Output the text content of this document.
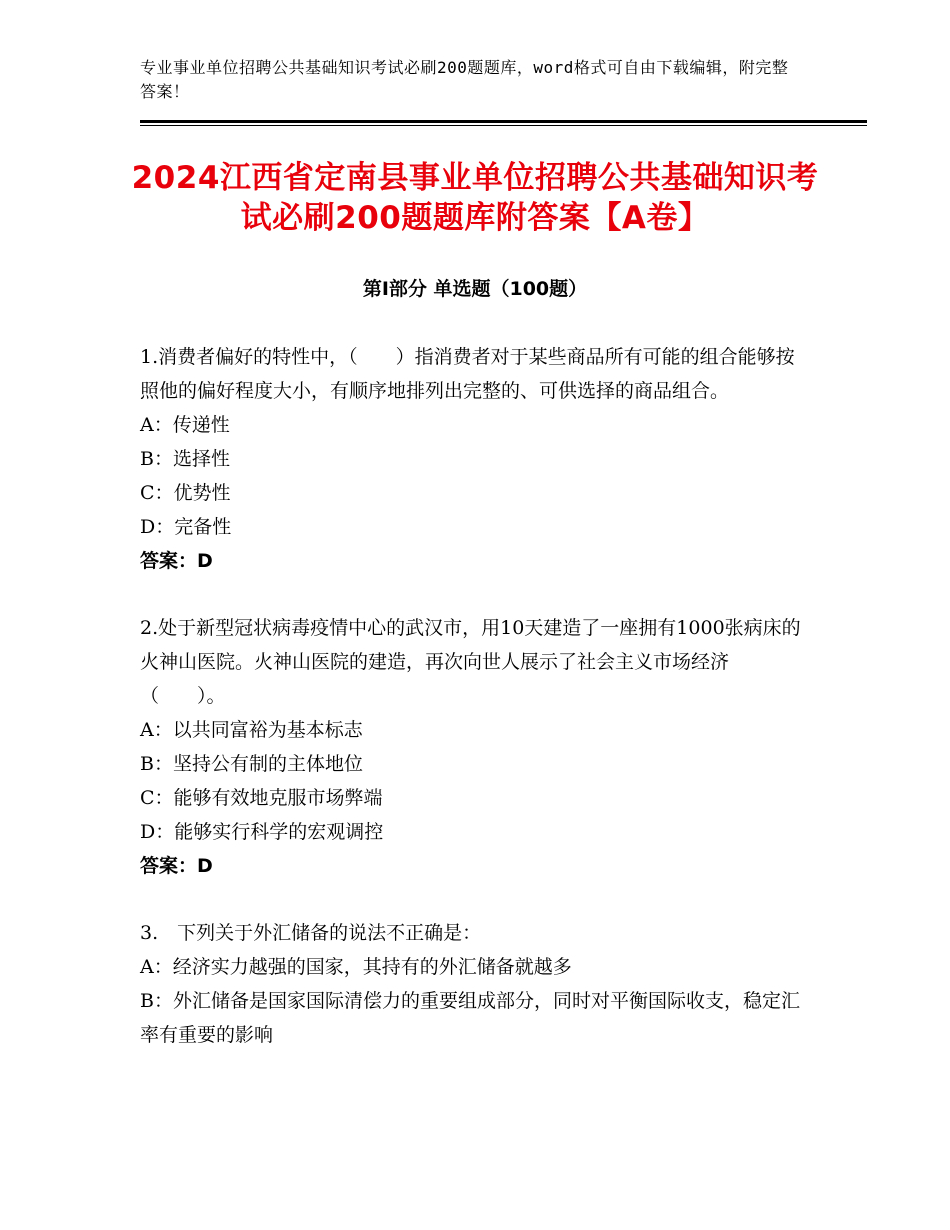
专业事业单位招聘公共基础知识考试必刷200题题库，word格式可自由下载编辑，附完整答案！
2024江西省定南县事业单位招聘公共基础知识考试必刷200题题库附答案【A卷】
第Ⅰ部分 单选题（100题）

1.消费者偏好的特性中，（　　）指消费者对于某些商品所有可能的组合能够按照他的偏好程度大小，有顺序地排列出完整的、可供选择的商品组合。

A：传递性

B：选择性

C：优势性

D：完备性

答案：D

2.处于新型冠状病毒疫情中心的武汉市，用10天建造了一座拥有1000张病床的火神山医院。火神山医院的建造，再次向世人展示了社会主义市场经济（　　）。

A：以共同富裕为基本标志

B：坚持公有制的主体地位

C：能够有效地克服市场弊端

D：能够实行科学的宏观调控

答案：D

3.　下列关于外汇储备的说法不正确是：

A：经济实力越强的国家，其持有的外汇储备就越多

B：外汇储备是国家国际清偿力的重要组成部分，同时对平衡国际收支，稳定汇率有重要的影响
